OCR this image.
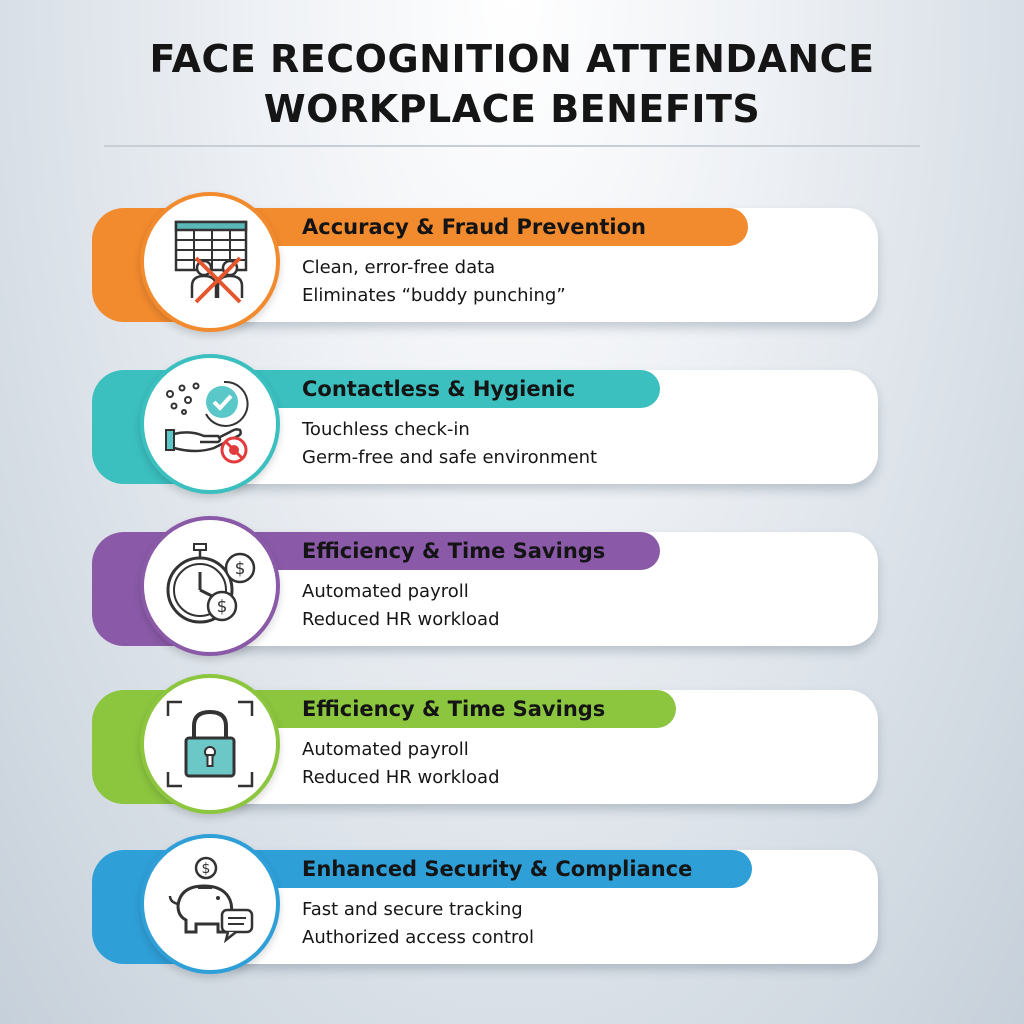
FACE RECOGNITION ATTENDANCE
WORKPLACE BENEFITS
Accuracy & Fraud Prevention
Clean, error-free data
Eliminates “buddy punching”
Contactless & Hygienic
Touchless check-in
Germ-free and safe environment
Efficiency & Time Savings
Automated payroll
Reduced HR workload
$
$
Efficiency & Time Savings
Automated payroll
Reduced HR workload
Enhanced Security & Compliance
Fast and secure tracking
Authorized access control
$
